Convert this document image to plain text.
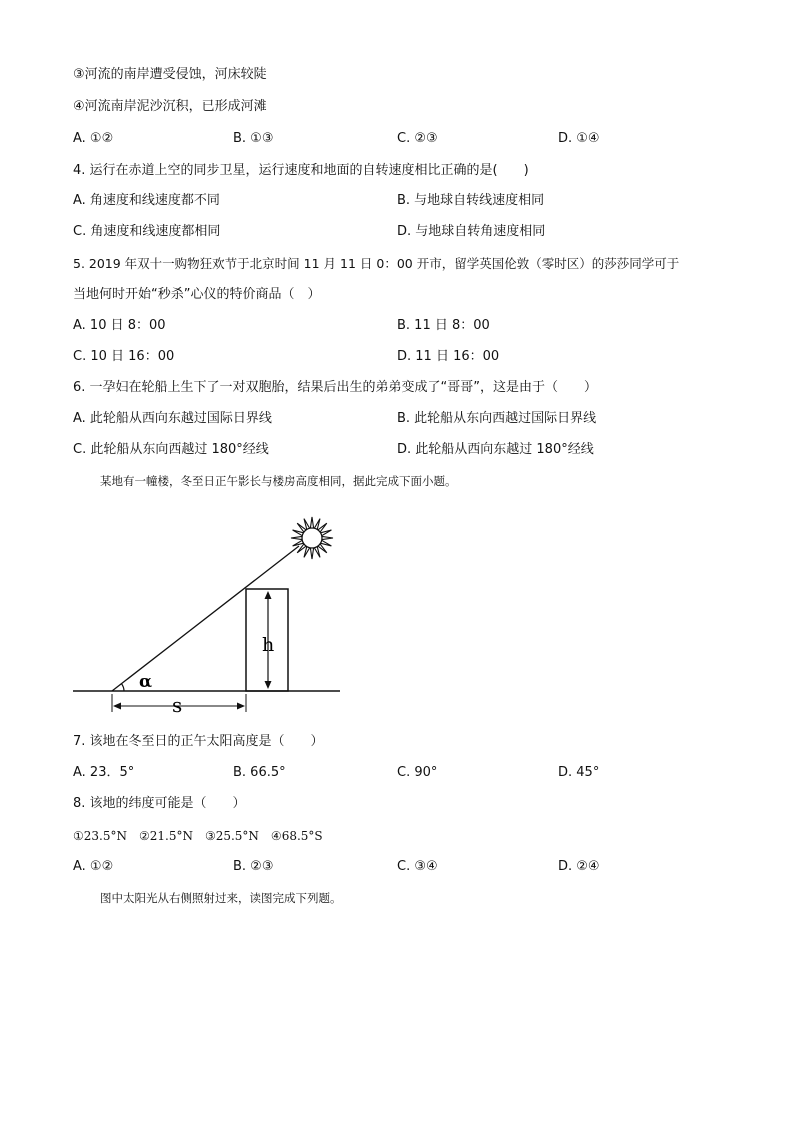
③河流的南岸遭受侵蚀，河床较陡
④河流南岸泥沙沉积，已形成河滩
A. ①②	B. ①③	C. ②③	D. ①④
4. 运行在赤道上空的同步卫星，运行速度和地面的自转速度相比正确的是(　　)
A. 角速度和线速度都不同	B. 与地球自转线速度相同
C. 角速度和线速度都相同	D. 与地球自转角速度相同
5. 2019 年双十一购物狂欢节于北京时间 11 月 11 日 0：00 开市，留学英国伦敦（零时区）的莎莎同学可于
当地何时开始“秒杀”心仪的特价商品（　）
A. 10 日 8：00	B. 11 日 8：00
C. 10 日 16：00	D. 11 日 16：00
6. 一孕妇在轮船上生下了一对双胞胎，结果后出生的弟弟变成了“哥哥”，这是由于（　　）
A. 此轮船从西向东越过国际日界线	B. 此轮船从东向西越过国际日界线
C. 此轮船从东向西越过 180°经线	D. 此轮船从西向东越过 180°经线
某地有一幢楼，冬至日正午影长与楼房高度相同，据此完成下面小题。
h
α
s
7. 该地在冬至日的正午太阳高度是（　　）
A. 23．5°	B. 66.5°	C. 90°	D. 45°
8. 该地的纬度可能是（　　）
①23.5°N　②21.5°N　③25.5°N　④68.5°S
A. ①②	B. ②③	C. ③④	D. ②④
图中太阳光从右侧照射过来，读图完成下列题。
